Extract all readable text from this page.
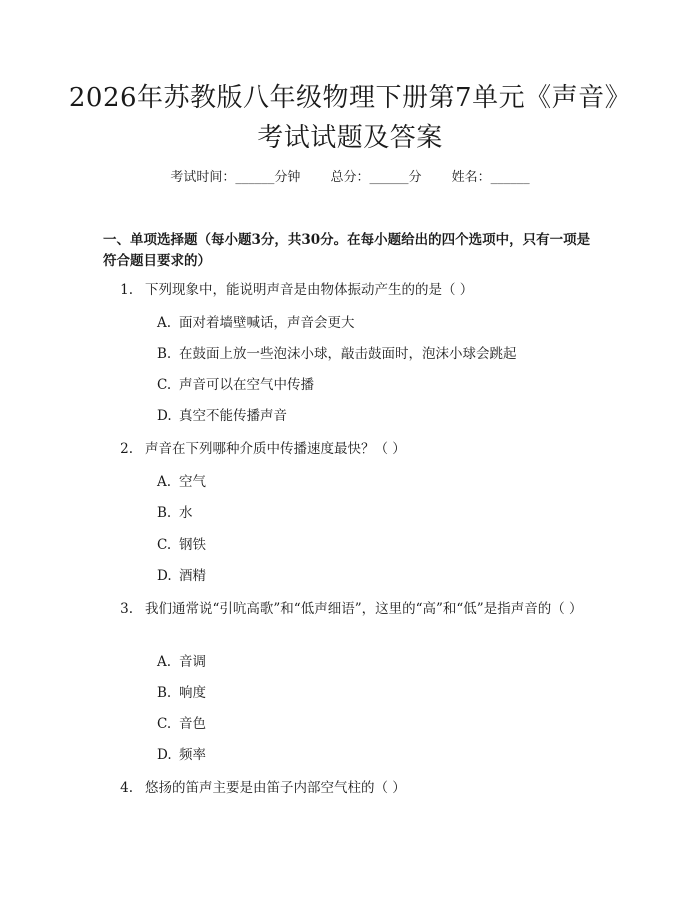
2026年苏教版八年级物理下册第7单元《声音》考试试题及答案
考试时间：______分钟 总分：______分 姓名：______
一、单项选择题（每小题3分，共30分。在每小题给出的四个选项中，只有一项是符合题目要求的）
1. 下列现象中，能说明声音是由物体振动产生的的是（ ）
A. 面对着墙壁喊话，声音会更大
B. 在鼓面上放一些泡沫小球，敲击鼓面时，泡沫小球会跳起
C. 声音可以在空气中传播
D. 真空不能传播声音
2. 声音在下列哪种介质中传播速度最快？（ ）
A. 空气
B. 水
C. 钢铁
D. 酒精
3. 我们通常说“引吭高歌”和“低声细语”，这里的“高”和“低”是指声音的（ ）
A. 音调
B. 响度
C. 音色
D. 频率
4. 悠扬的笛声主要是由笛子内部空气柱的（ ）
